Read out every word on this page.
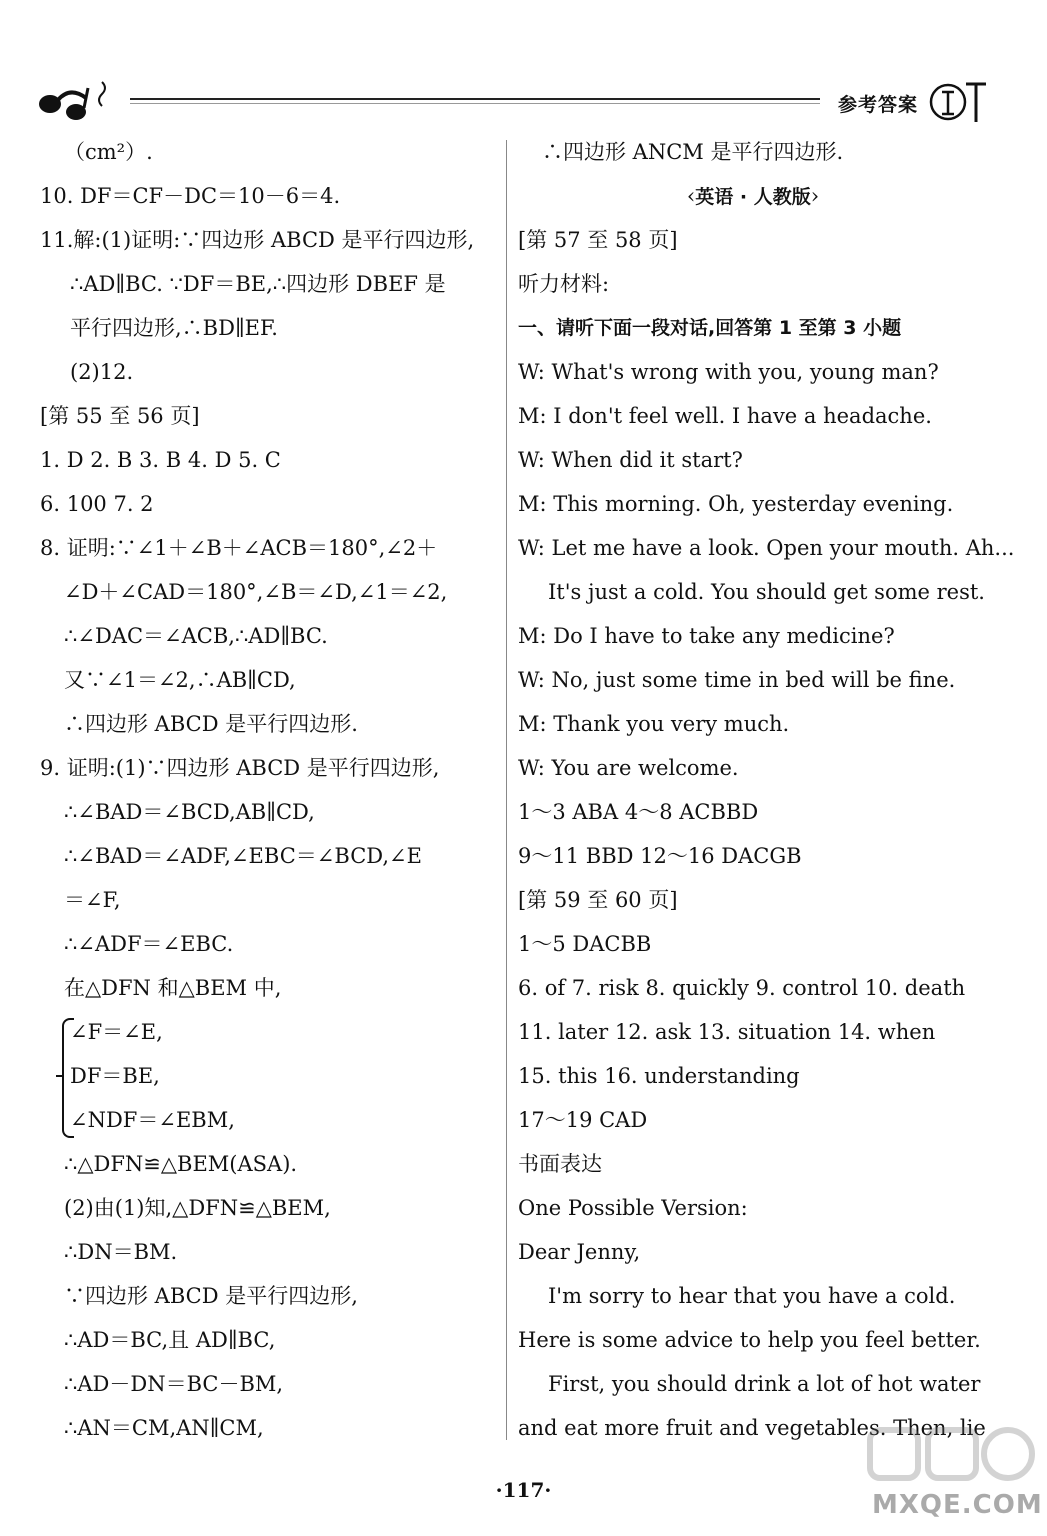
参考答案
（cm²）.
10. DF＝CF－DC＝10－6＝4.
11.解:(1)证明:∵四边形 ABCD 是平行四边形,
∴AD∥BC. ∵DF＝BE,∴四边形 DBEF 是
平行四边形,∴BD∥EF.
(2)12.
[第 55 至 56 页]
1. D 2. B 3. B 4. D 5. C
6. 100 7. 2
8. 证明:∵∠1＋∠B＋∠ACB＝180°,∠2＋
∠D＋∠CAD＝180°,∠B＝∠D,∠1＝∠2,
∴∠DAC＝∠ACB,∴AD∥BC.
又∵∠1＝∠2,∴AB∥CD,
∴四边形 ABCD 是平行四边形.
9. 证明:(1)∵四边形 ABCD 是平行四边形,
∴∠BAD＝∠BCD,AB∥CD,
∴∠BAD＝∠ADF,∠EBC＝∠BCD,∠E
＝∠F,
∴∠ADF＝∠EBC.
在△DFN 和△BEM 中,
∠F＝∠E,
DF＝BE,
∠NDF＝∠EBM,
∴△DFN≌△BEM(ASA).
(2)由(1)知,△DFN≌△BEM,
∴DN＝BM.
∵四边形 ABCD 是平行四边形,
∴AD＝BC,且 AD∥BC,
∴AD－DN＝BC－BM,
∴AN＝CM,AN∥CM,
∴四边形 ANCM 是平行四边形.
‹英语 · 人教版›
[第 57 至 58 页]
听力材料:
一、请听下面一段对话,回答第 1 至第 3 小题
W: What's wrong with you, young man?
M: I don't feel well. I have a headache.
W: When did it start?
M: This morning. Oh, yesterday evening.
W: Let me have a look. Open your mouth. Ah...
It's just a cold. You should get some rest.
M: Do I have to take any medicine?
W: No, just some time in bed will be fine.
M: Thank you very much.
W: You are welcome.
1～3 ABA 4～8 ACBBD
9～11 BBD 12～16 DACGB
[第 59 至 60 页]
1～5 DACBB
6. of 7. risk 8. quickly 9. control 10. death
11. later 12. ask 13. situation 14. when
15. this 16. understanding
17～19 CAD
书面表达
One Possible Version:
Dear Jenny,
I'm sorry to hear that you have a cold.
Here is some advice to help you feel better.
First, you should drink a lot of hot water
and eat more fruit and vegetables. Then, lie
·117·	MXQE.COM
